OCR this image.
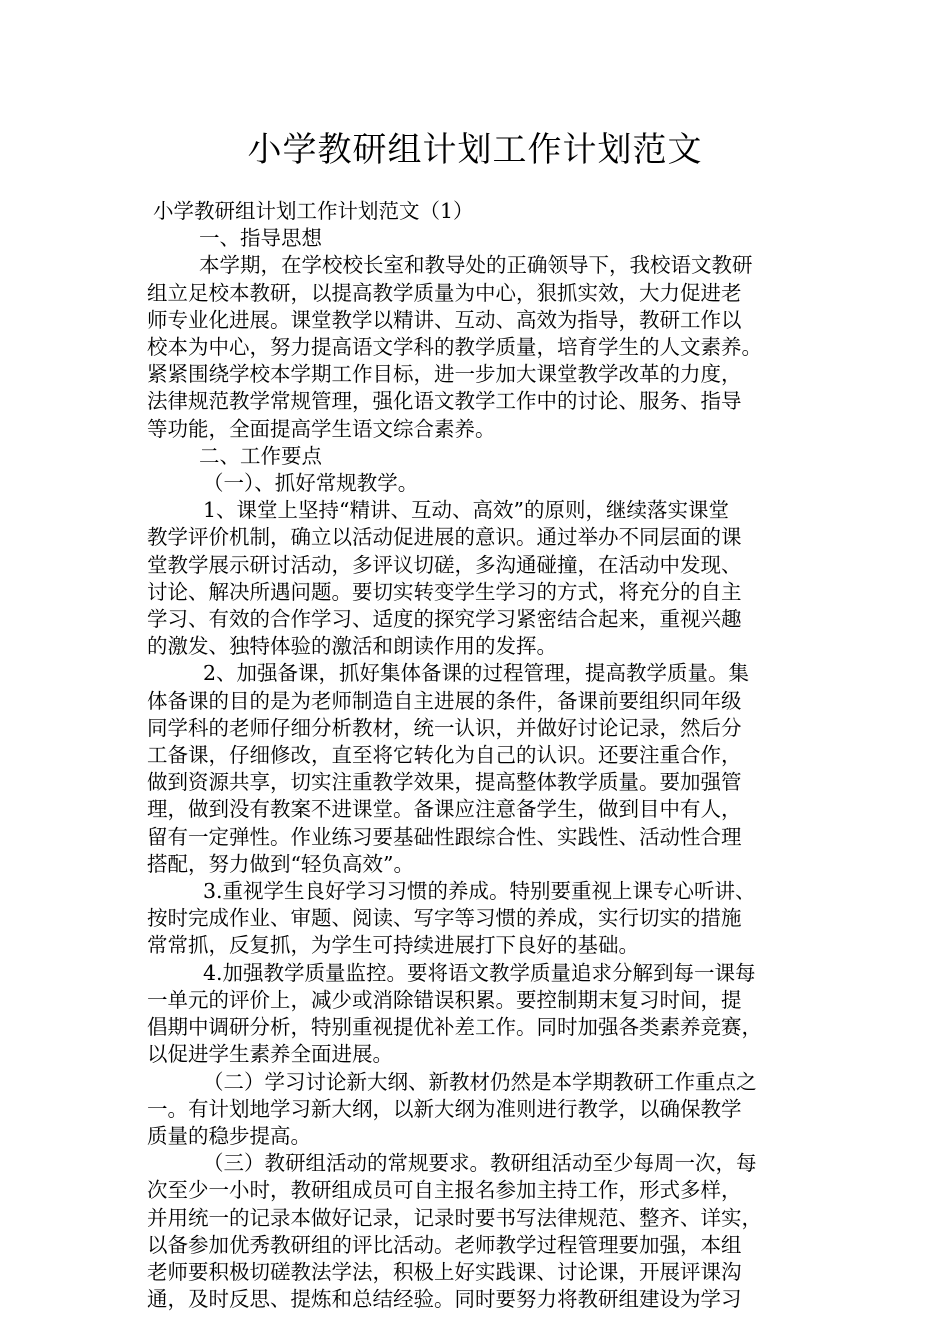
小学教研组计划工作计划范文
小学教研组计划工作计划范文（1）
一、指导思想
本学期，在学校校长室和教导处的正确领导下，我校语文教研
组立足校本教研，以提高教学质量为中心，狠抓实效，大力促进老
师专业化进展。课堂教学以精讲、互动、高效为指导，教研工作以
校本为中心，努力提高语文学科的教学质量，培育学生的人文素养。
紧紧围绕学校本学期工作目标，进一步加大课堂教学改革的力度，
法律规范教学常规管理，强化语文教学工作中的讨论、服务、指导
等功能，全面提高学生语文综合素养。
二、工作要点
（一）、抓好常规教学。
1、课堂上坚持“精讲、互动、高效”的原则，继续落实课堂
教学评价机制，确立以活动促进展的意识。通过举办不同层面的课
堂教学展示研讨活动，多评议切磋，多沟通碰撞，在活动中发现、
讨论、解决所遇问题。要切实转变学生学习的方式，将充分的自主
学习、有效的合作学习、适度的探究学习紧密结合起来，重视兴趣
的激发、独特体验的激活和朗读作用的发挥。
2、加强备课，抓好集体备课的过程管理，提高教学质量。集
体备课的目的是为老师制造自主进展的条件，备课前要组织同年级
同学科的老师仔细分析教材，统一认识，并做好讨论记录，然后分
工备课，仔细修改，直至将它转化为自己的认识。还要注重合作，
做到资源共享，切实注重教学效果，提高整体教学质量。要加强管
理，做到没有教案不进课堂。备课应注意备学生，做到目中有人，
留有一定弹性。作业练习要基础性跟综合性、实践性、活动性合理
搭配，努力做到“轻负高效”。
3.重视学生良好学习习惯的养成。特别要重视上课专心听讲、
按时完成作业、审题、阅读、写字等习惯的养成，实行切实的措施
常常抓，反复抓，为学生可持续进展打下良好的基础。
4.加强教学质量监控。要将语文教学质量追求分解到每一课每
一单元的评价上，减少或消除错误积累。要控制期末复习时间，提
倡期中调研分析，特别重视提优补差工作。同时加强各类素养竞赛，
以促进学生素养全面进展。
（二）学习讨论新大纲、新教材仍然是本学期教研工作重点之
一。有计划地学习新大纲，以新大纲为准则进行教学，以确保教学
质量的稳步提高。
（三）教研组活动的常规要求。教研组活动至少每周一次，每
次至少一小时，教研组成员可自主报名参加主持工作，形式多样，
并用统一的记录本做好记录，记录时要书写法律规范、整齐、详实，
以备参加优秀教研组的评比活动。老师教学过程管理要加强，本组
老师要积极切磋教法学法，积极上好实践课、讨论课，开展评课沟
通，及时反思、提炼和总结经验。同时要努力将教研组建设为学习
